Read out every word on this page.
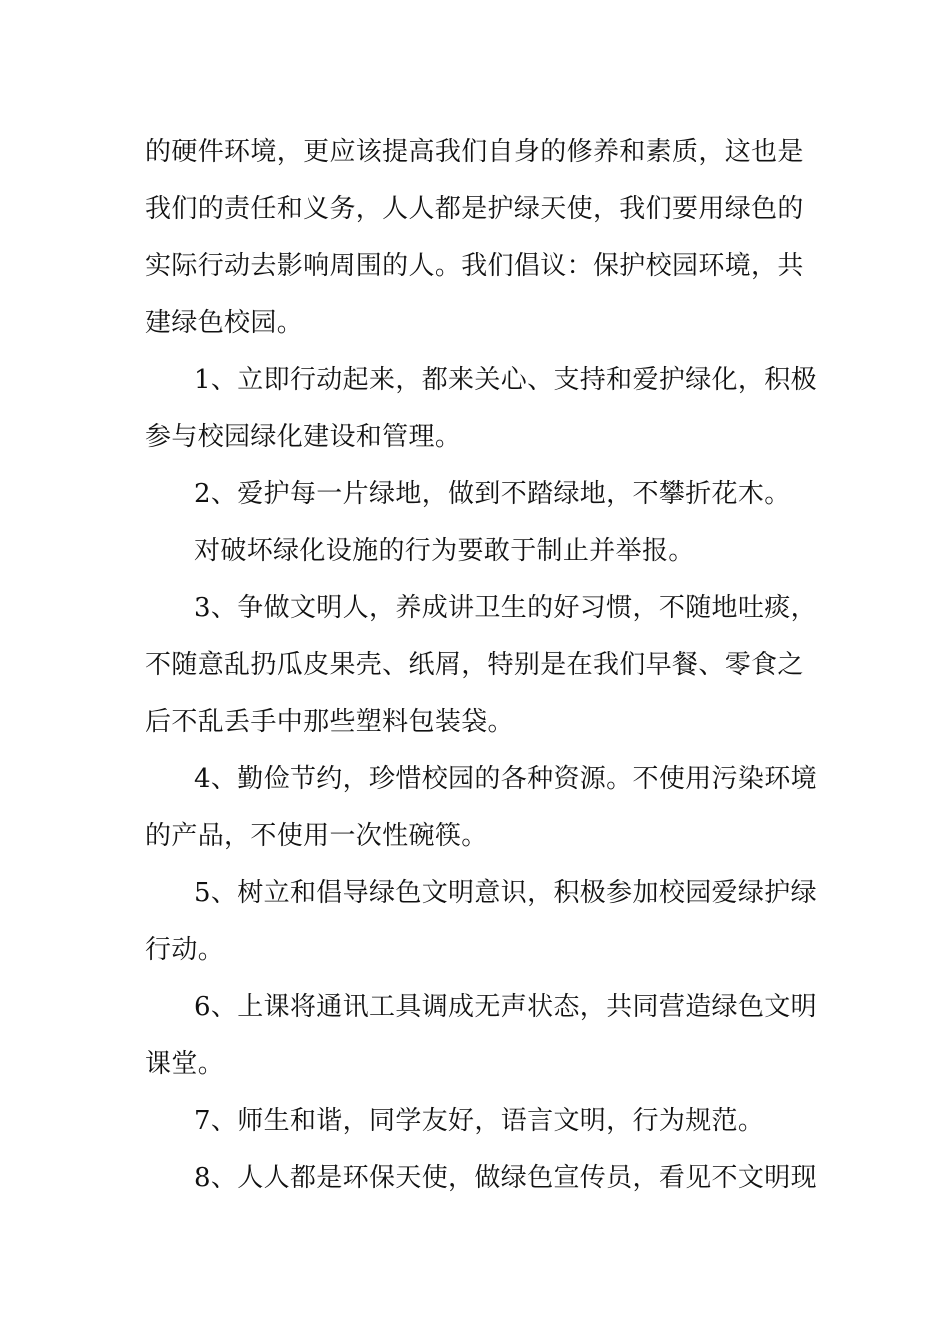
的硬件环境，更应该提高我们自身的修养和素质，这也是
我们的责任和义务，人人都是护绿天使，我们要用绿色的
实际行动去影响周围的人。我们倡议：保护校园环境，共
建绿色校园。
1、立即行动起来，都来关心、支持和爱护绿化，积极
参与校园绿化建设和管理。
2、爱护每一片绿地，做到不踏绿地，不攀折花木。
对破坏绿化设施的行为要敢于制止并举报。
3、争做文明人，养成讲卫生的好习惯，不随地吐痰，
不随意乱扔瓜皮果壳、纸屑，特别是在我们早餐、零食之
后不乱丢手中那些塑料包装袋。
4、勤俭节约，珍惜校园的各种资源。不使用污染环境
的产品，不使用一次性碗筷。
5、树立和倡导绿色文明意识，积极参加校园爱绿护绿
行动。
6、上课将通讯工具调成无声状态，共同营造绿色文明
课堂。
7、师生和谐，同学友好，语言文明，行为规范。
8、人人都是环保天使，做绿色宣传员，看见不文明现
